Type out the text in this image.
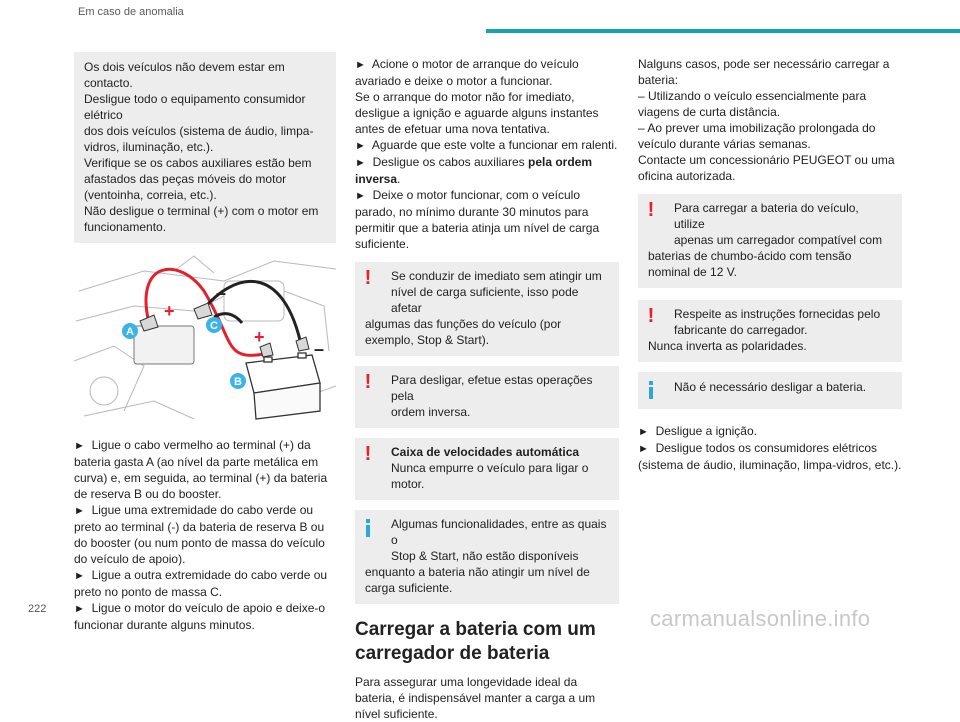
Em caso de anomalia

Os dois veículos não devem estar em contacto.

Desligue todo o equipamento consumidor elétrico

dos dois veículos (sistema de áudio, limpa-

vidros, iluminação, etc.).

Verifique se os cabos auxiliares estão bem

afastados das peças móveis do motor

(ventoinha, correia, etc.).

Não desligue o terminal (+) com o motor em

funcionamento.

+
–
+
–
A	C
B

► Ligue o cabo vermelho ao terminal (+) da bateria gasta A (ao nível da parte metálica em curva) e, em seguida, ao terminal (+) da bateria de reserva B ou do booster.

► Ligue uma extremidade do cabo verde ou preto ao terminal (-) da bateria de reserva B ou do booster (ou num ponto de massa do veículo do veículo de apoio).

► Ligue a outra extremidade do cabo verde ou preto no ponto de massa C.

► Ligue o motor do veículo de apoio e deixe-o funcionar durante alguns minutos.

► Acione o motor de arranque do veículo avariado e deixe o motor a funcionar.

Se o arranque do motor não for imediato, desligue a ignição e aguarde alguns instantes antes de efetuar uma nova tentativa.

► Aguarde que este volte a funcionar em ralenti.

► Desligue os cabos auxiliares pela ordem inversa.

► Deixe o motor funcionar, com o veículo parado, no mínimo durante 30 minutos para permitir que a bateria atinja um nível de carga suficiente.

!	Se conduzir de imediato sem atingir um

nível de carga suficiente, isso pode afetar

algumas das funções do veículo (por exemplo, Stop & Start).

!	Para desligar, efetue estas operações pela

ordem inversa.

!	Caixa de velocidades automática

Nunca empurre o veículo para ligar o motor.

Algumas funcionalidades, entre as quais o

Stop & Start, não estão disponíveis

enquanto a bateria não atingir um nível de carga suficiente.

Carregar a bateria com um carregador de bateria

Para assegurar uma longevidade ideal da bateria, é indispensável manter a carga a um nível suficiente.

Nalguns casos, pode ser necessário carregar a bateria:

– Utilizando o veículo essencialmente para viagens de curta distância.

– Ao prever uma imobilização prolongada do veículo durante várias semanas.

Contacte um concessionário PEUGEOT ou uma oficina autorizada.

!	Para carregar a bateria do veículo, utilize

apenas um carregador compatível com

baterias de chumbo-ácido com tensão nominal de 12 V.

!	Respeite as instruções fornecidas pelo

fabricante do carregador.

Nunca inverta as polaridades.

Não é necessário desligar a bateria.

► Desligue a ignição.

► Desligue todos os consumidores elétricos (sistema de áudio, iluminação, limpa-vidros, etc.).

222	carmanualsonline.info
